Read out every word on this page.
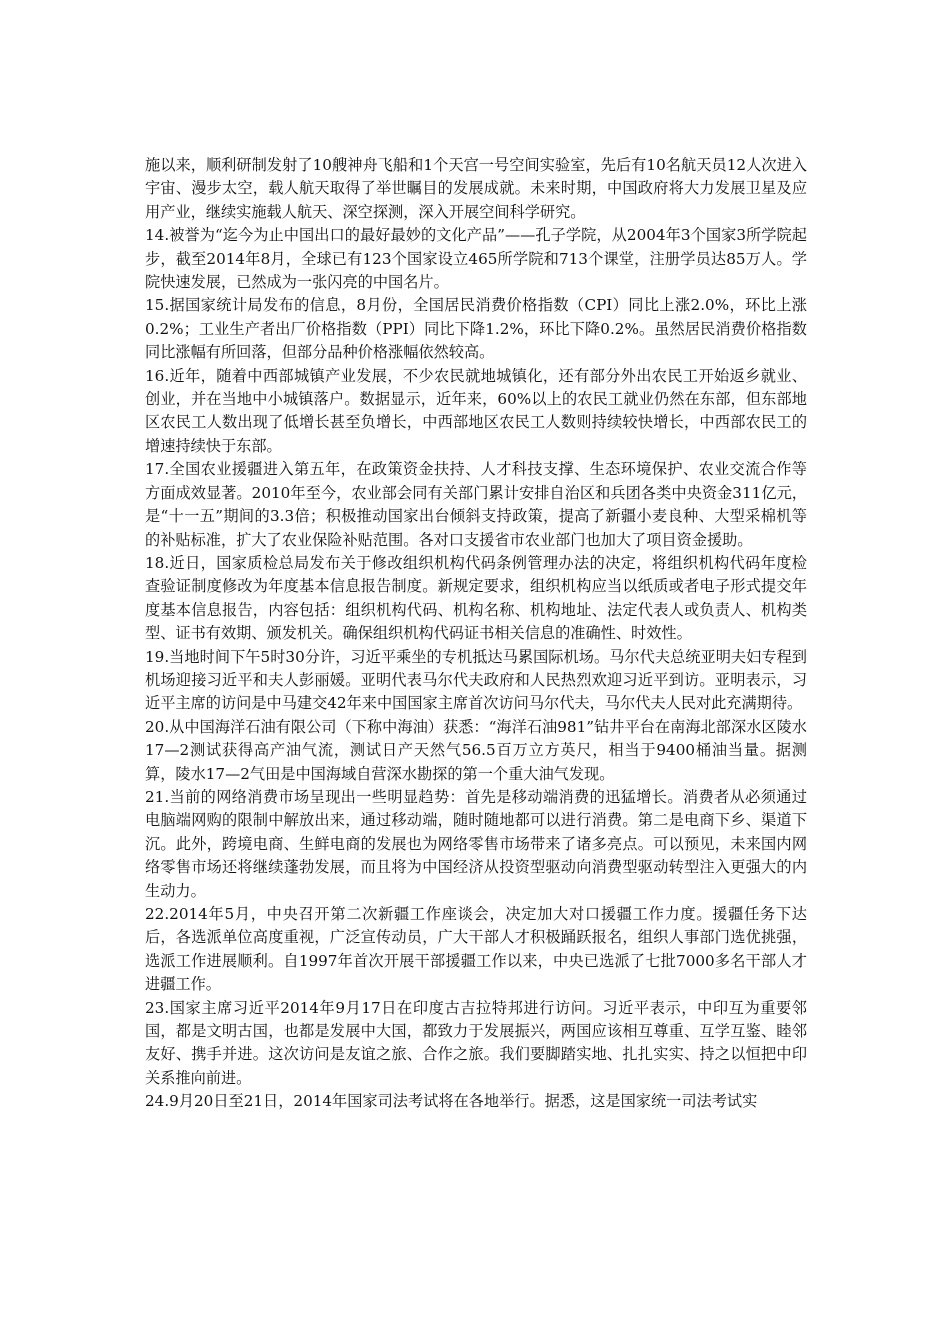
施以来，顺利研制发射了10艘神舟飞船和1个天宫一号空间实验室，先后有10名航天员12人次进入宇宙、漫步太空，载人航天取得了举世瞩目的发展成就。未来时期，中国政府将大力发展卫星及应用产业，继续实施载人航天、深空探测，深入开展空间科学研究。

14.被誉为“迄今为止中国出口的最好最妙的文化产品”——孔子学院，从2004年3个国家3所学院起步，截至2014年8月，全球已有123个国家设立465所学院和713个课堂，注册学员达85万人。学院快速发展，已然成为一张闪亮的中国名片。

15.据国家统计局发布的信息，8月份，全国居民消费价格指数（CPI）同比上涨2.0%，环比上涨0.2%；工业生产者出厂价格指数（PPI）同比下降1.2%，环比下降0.2%。虽然居民消费价格指数同比涨幅有所回落，但部分品种价格涨幅依然较高。

16.近年，随着中西部城镇产业发展，不少农民就地城镇化，还有部分外出农民工开始返乡就业、创业，并在当地中小城镇落户。数据显示，近年来，60%以上的农民工就业仍然在东部，但东部地区农民工人数出现了低增长甚至负增长，中西部地区农民工人数则持续较快增长，中西部农民工的增速持续快于东部。

17.全国农业援疆进入第五年，在政策资金扶持、人才科技支撑、生态环境保护、农业交流合作等方面成效显著。2010年至今，农业部会同有关部门累计安排自治区和兵团各类中央资金311亿元，是“十一五”期间的3.3倍；积极推动国家出台倾斜支持政策，提高了新疆小麦良种、大型采棉机等的补贴标准，扩大了农业保险补贴范围。各对口支援省市农业部门也加大了项目资金援助。

18.近日，国家质检总局发布关于修改组织机构代码条例管理办法的决定，将组织机构代码年度检查验证制度修改为年度基本信息报告制度。新规定要求，组织机构应当以纸质或者电子形式提交年度基本信息报告，内容包括：组织机构代码、机构名称、机构地址、法定代表人或负责人、机构类型、证书有效期、颁发机关。确保组织机构代码证书相关信息的准确性、时效性。

19.当地时间下午5时30分许，习近平乘坐的专机抵达马累国际机场。马尔代夫总统亚明夫妇专程到机场迎接习近平和夫人彭丽媛。亚明代表马尔代夫政府和人民热烈欢迎习近平到访。亚明表示，习近平主席的访问是中马建交42年来中国国家主席首次访问马尔代夫，马尔代夫人民对此充满期待。

20.从中国海洋石油有限公司（下称中海油）获悉：“海洋石油981”钻井平台在南海北部深水区陵水17—2测试获得高产油气流，测试日产天然气56.5百万立方英尺，相当于9400桶油当量。据测算，陵水17—2气田是中国海域自营深水勘探的第一个重大油气发现。

21.当前的网络消费市场呈现出一些明显趋势：首先是移动端消费的迅猛增长。消费者从必须通过电脑端网购的限制中解放出来，通过移动端，随时随地都可以进行消费。第二是电商下乡、渠道下沉。此外，跨境电商、生鲜电商的发展也为网络零售市场带来了诸多亮点。可以预见，未来国内网络零售市场还将继续蓬勃发展，而且将为中国经济从投资型驱动向消费型驱动转型注入更强大的内生动力。

22.2014年5月，中央召开第二次新疆工作座谈会，决定加大对口援疆工作力度。援疆任务下达后，各选派单位高度重视，广泛宣传动员，广大干部人才积极踊跃报名，组织人事部门选优挑强，选派工作进展顺利。自1997年首次开展干部援疆工作以来，中央已选派了七批7000多名干部人才进疆工作。

23.国家主席习近平2014年9月17日在印度古吉拉特邦进行访问。习近平表示，中印互为重要邻国，都是文明古国，也都是发展中大国，都致力于发展振兴，两国应该相互尊重、互学互鉴、睦邻友好、携手并进。这次访问是友谊之旅、合作之旅。我们要脚踏实地、扎扎实实、持之以恒把中印关系推向前进。

24.9月20日至21日，2014年国家司法考试将在各地举行。据悉，这是国家统一司法考试实
